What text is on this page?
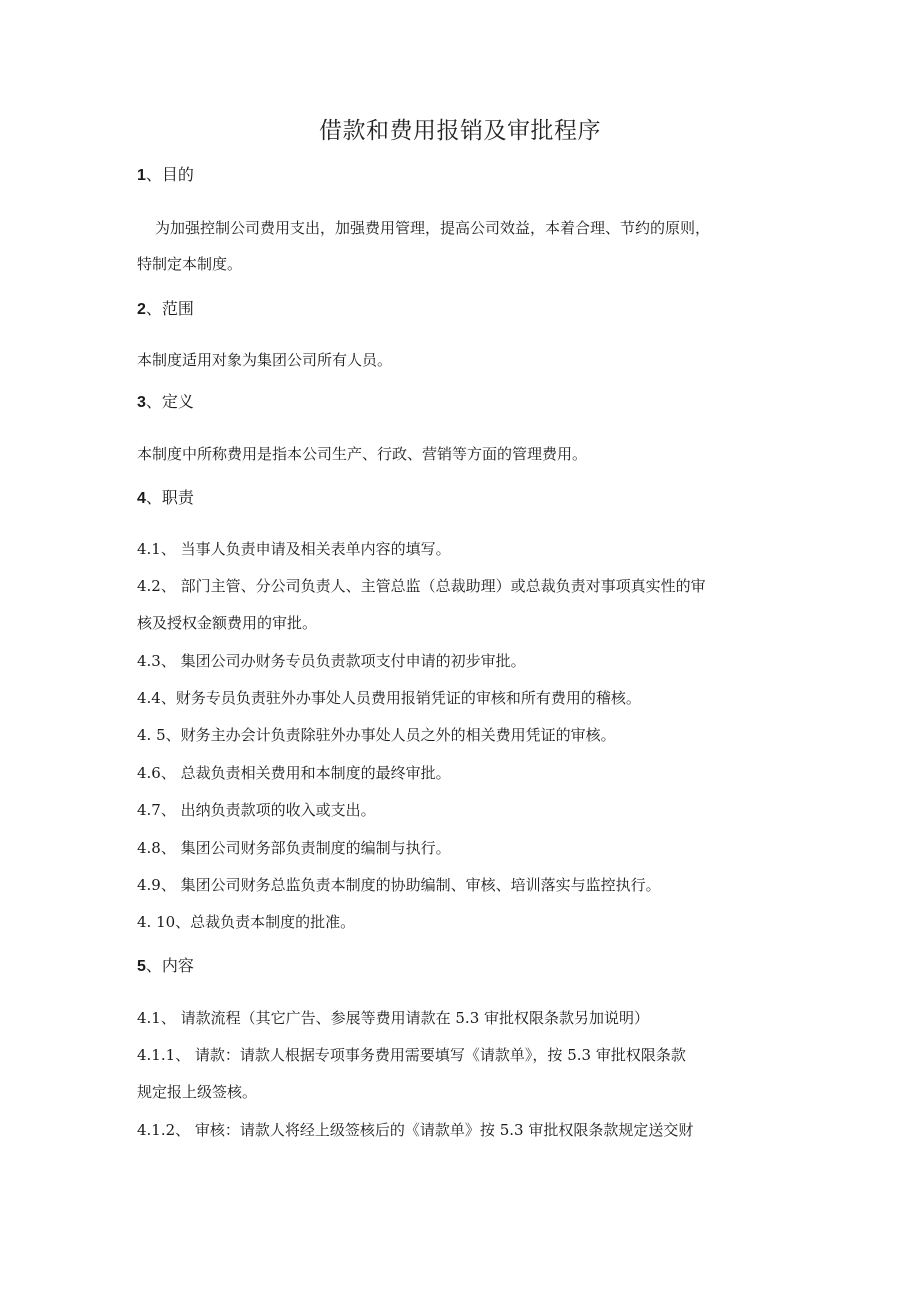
借款和费用报销及审批程序
1、目的
为加强控制公司费用支出，加强费用管理，提高公司效益，本着合理、节约的原则，
特制定本制度。
2、范围
本制度适用对象为集团公司所有人员。
3、定义
本制度中所称费用是指本公司生产、行政、营销等方面的管理费用。
4、职责
4.1、 当事人负责申请及相关表单内容的填写。
4.2、 部门主管、分公司负责人、主管总监（总裁助理）或总裁负责对事项真实性的审
核及授权金额费用的审批。
4.3、 集团公司办财务专员负责款项支付申请的初步审批。
4.4、财务专员负责驻外办事处人员费用报销凭证的审核和所有费用的稽核。
4. 5、财务主办会计负责除驻外办事处人员之外的相关费用凭证的审核。
4.6、 总裁负责相关费用和本制度的最终审批。
4.7、 出纳负责款项的收入或支出。
4.8、 集团公司财务部负责制度的编制与执行。
4.9、 集团公司财务总监负责本制度的协助编制、审核、培训落实与监控执行。
4. 10、总裁负责本制度的批准。
5、内容
4.1、 请款流程（其它广告、参展等费用请款在 5.3 审批权限条款另加说明）
4.1.1、 请款：请款人根据专项事务费用需要填写《请款单》，按 5.3 审批权限条款
规定报上级签核。
4.1.2、 审核：请款人将经上级签核后的《请款单》按 5.3 审批权限条款规定送交财
